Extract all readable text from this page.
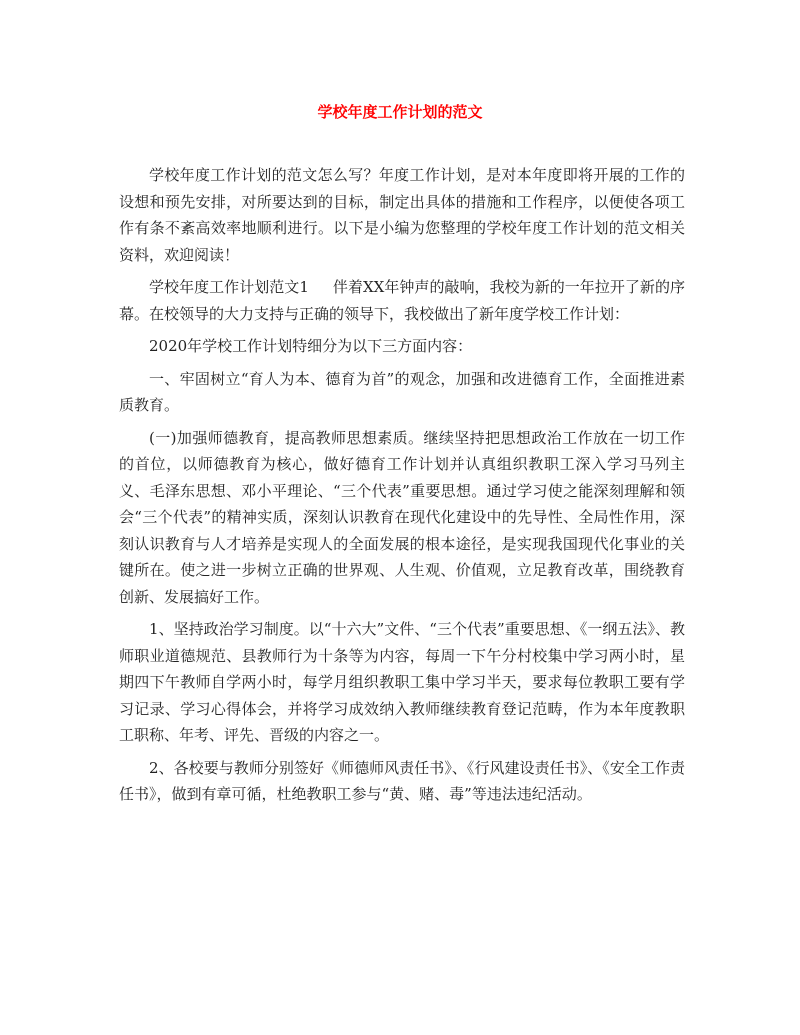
学校年度工作计划的范文

学校年度工作计划的范文怎么写？年度工作计划，是对本年度即将开展的工作的设想和预先安排，对所要达到的目标，制定出具体的措施和工作程序，以便使各项工作有条不紊高效率地顺利进行。以下是小编为您整理的学校年度工作计划的范文相关资料，欢迎阅读！

学校年度工作计划范文1 伴着XX年钟声的敲响，我校为新的一年拉开了新的序幕。在校领导的大力支持与正确的领导下，我校做出了新年度学校工作计划：

2020年学校工作计划特细分为以下三方面内容：

一、牢固树立“育人为本、德育为首”的观念，加强和改进德育工作，全面推进素质教育。

(一)加强师德教育，提高教师思想素质。继续坚持把思想政治工作放在一切工作的首位，以师德教育为核心，做好德育工作计划并认真组织教职工深入学习马列主义、毛泽东思想、邓小平理论、“三个代表”重要思想。通过学习使之能深刻理解和领会“三个代表”的精神实质，深刻认识教育在现代化建设中的先导性、全局性作用，深刻认识教育与人才培养是实现人的全面发展的根本途径，是实现我国现代化事业的关键所在。使之进一步树立正确的世界观、人生观、价值观，立足教育改革，围绕教育创新、发展搞好工作。

1、坚持政治学习制度。以“十六大”文件、“三个代表”重要思想、《一纲五法》、教师职业道德规范、县教师行为十条等为内容，每周一下午分村校集中学习两小时，星期四下午教师自学两小时，每学月组织教职工集中学习半天，要求每位教职工要有学习记录、学习心得体会，并将学习成效纳入教师继续教育登记范畴，作为本年度教职工职称、年考、评先、晋级的内容之一。

2、各校要与教师分别签好《师德师风责任书》、《行风建设责任书》、《安全工作责任书》，做到有章可循，杜绝教职工参与“黄、赌、毒”等违法违纪活动。
